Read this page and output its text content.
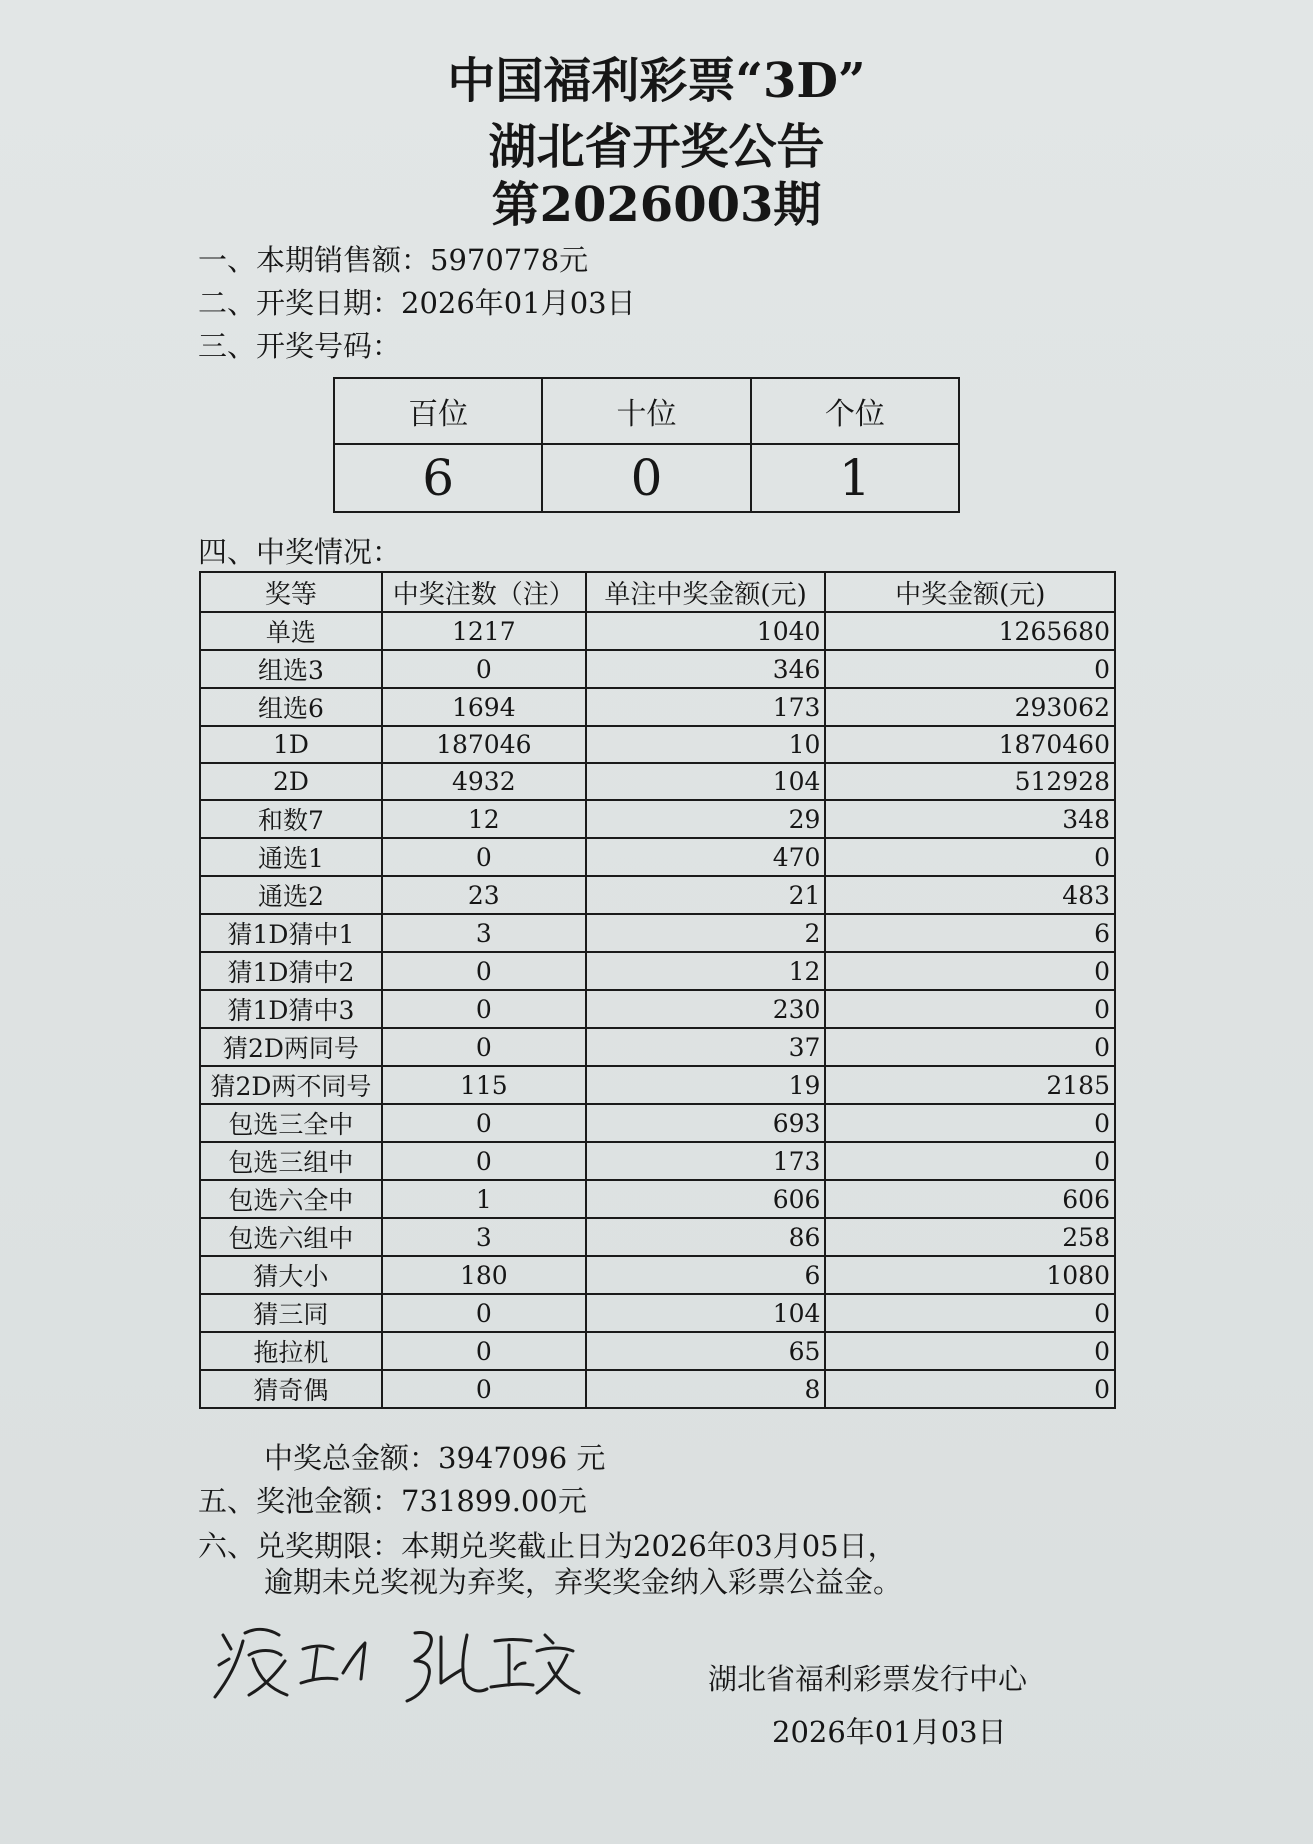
中国福利彩票“3D”
湖北省开奖公告
第2026003期
一、本期销售额：5970778元
二、开奖日期：2026年01月03日
三、开奖号码：
百位	十位	个位
6	0	1
四、中奖情况：
奖等	中奖注数（注）	单注中奖金额(元)	中奖金额(元)
单选	1217	1040	1265680
组选3	0	346	0
组选6	1694	173	293062
1D	187046	10	1870460
2D	4932	104	512928
和数7	12	29	348
通选1	0	470	0
通选2	23	21	483
猜1D猜中1	3	2	6
猜1D猜中2	0	12	0
猜1D猜中3	0	230	0
猜2D两同号	0	37	0
猜2D两不同号	115	19	2185
包选三全中	0	693	0
包选三组中	0	173	0
包选六全中	1	606	606
包选六组中	3	86	258
猜大小	180	6	1080
猜三同	0	104	0
拖拉机	0	65	0
猜奇偶	0	8	0
中奖总金额：3947096 元
五、奖池金额：731899.00元
六、兑奖期限：本期兑奖截止日为2026年03月05日，
逾期未兑奖视为弃奖，弃奖奖金纳入彩票公益金。
凌云 张正文
湖北省福利彩票发行中心
2026年01月03日
